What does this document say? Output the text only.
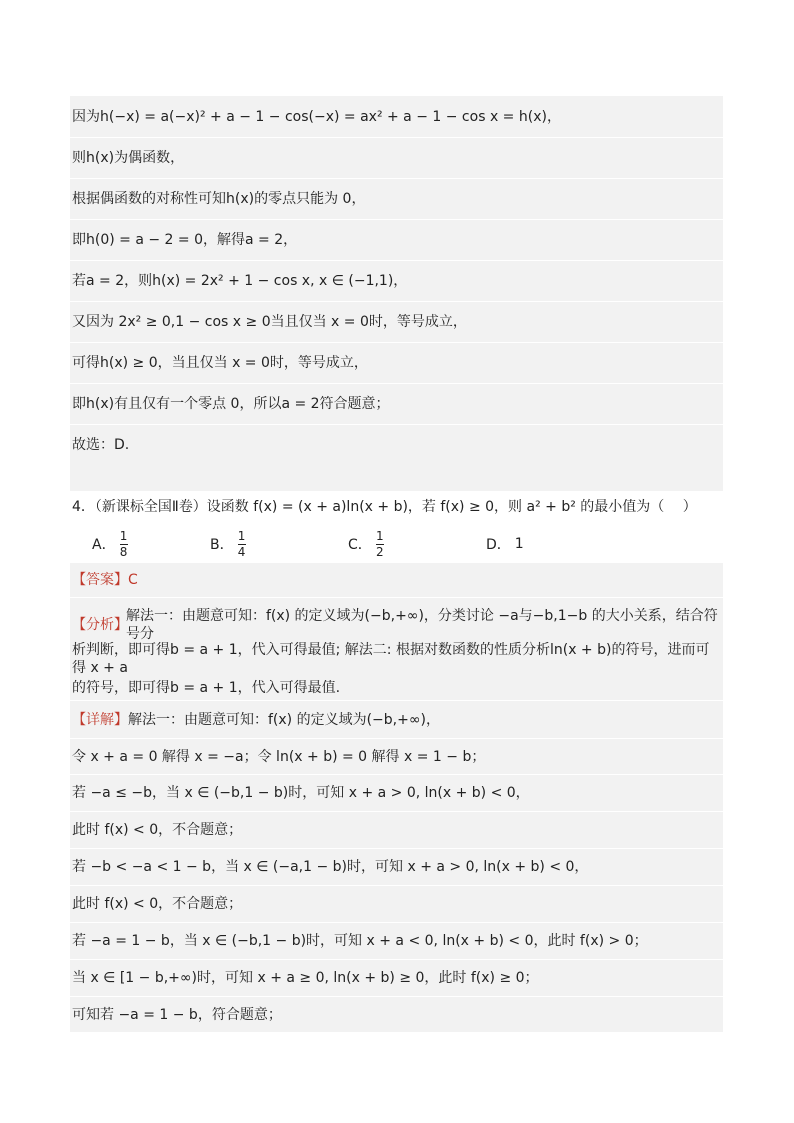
因为h(−x) = a(−x)² + a − 1 − cos(−x) = ax² + a − 1 − cos x = h(x)，
则h(x)为偶函数，
根据偶函数的对称性可知h(x)的零点只能为 0，
即h(0) = a − 2 = 0，解得a = 2，
若a = 2，则h(x) = 2x² + 1 − cos x, x ∈ (−1,1)，
又因为 2x² ≥ 0,1 − cos x ≥ 0当且仅当 x = 0时，等号成立，
可得h(x) ≥ 0，当且仅当 x = 0时，等号成立，
即h(x)有且仅有一个零点 0，所以a = 2符合题意；
故选：D.
4．（新课标全国Ⅱ卷）设函数 f(x) = (x + a)ln(x + b)，若 f(x) ≥ 0，则 a² + b² 的最小值为（　 ）
A． $\frac{1}{8}$	B． $\frac{1}{4}$	C． $\frac{1}{2}$	D． 1
【答案】 C
【分析】
解法一：由题意可知：f(x) 的定义域为(−b,+∞)，分类讨论 −a与−b,1−b 的大小关系，结合符号分
析判断，即可得b = a + 1，代入可得最值; 解法二: 根据对数函数的性质分析ln(x + b)的符号，进而可得 x + a
的符号，即可得b = a + 1，代入可得最值.
【详解】 解法一：由题意可知：f(x) 的定义域为(−b,+∞)，
令 x + a = 0 解得 x = −a；令 ln(x + b) = 0 解得 x = 1 − b；
若 −a ≤ −b，当 x ∈ (−b,1 − b)时，可知 x + a > 0, ln(x + b) < 0，
此时 f(x) < 0，不合题意；
若 −b < −a < 1 − b，当 x ∈ (−a,1 − b)时，可知 x + a > 0, ln(x + b) < 0，
此时 f(x) < 0，不合题意；
若 −a = 1 − b，当 x ∈ (−b,1 − b)时，可知 x + a < 0, ln(x + b) < 0，此时 f(x) > 0；
当 x ∈ [1 − b,+∞)时，可知 x + a ≥ 0, ln(x + b) ≥ 0，此时 f(x) ≥ 0；
可知若 −a = 1 − b，符合题意；
